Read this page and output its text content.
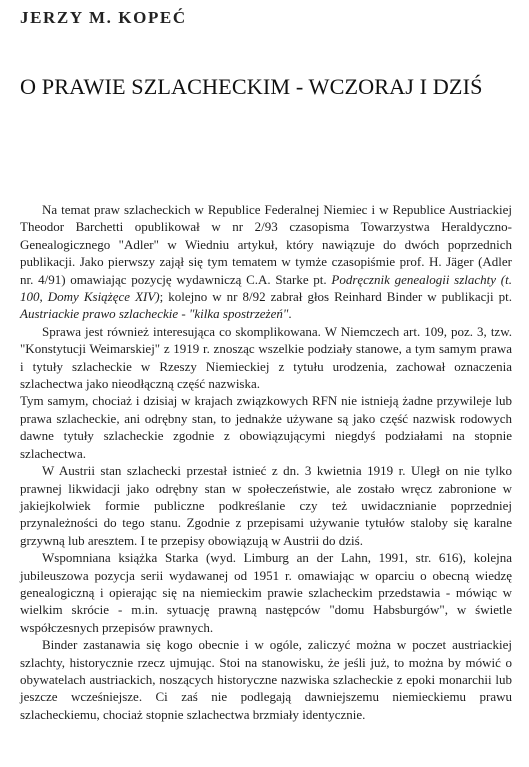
JERZY M. KOPEĆ
O PRAWIE SZLACHECKIM - WCZORAJ I DZIŚ

Na temat praw szlacheckich w Republice Federalnej Niemiec i w Republice Austriackiej Theodor Barchetti opublikował w nr 2/93 czasopisma Towarzystwa Heraldyczno-Genealogicznego "Adler" w Wiedniu artykuł, który nawiązuje do dwóch poprzednich publikacji. Jako pierwszy zajął się tym tematem w tymże czasopiśmie prof. H. Jäger (Adler nr. 4/91) omawiając pozycję wydawniczą C.A. Starke pt. Podręcznik genealogii szlachty (t. 100, Domy Książęce XIV); kolejno w nr 8/92 zabrał głos Reinhard Binder w publikacji pt. Austriackie prawo szlacheckie - "kilka spostrzeżeń".

Sprawa jest również interesująca co skomplikowana. W Niemczech art. 109, poz. 3, tzw. "Konstytucji Weimarskiej" z 1919 r. znosząc wszelkie podziały stanowe, a tym samym prawa i tytuły szlacheckie w Rzeszy Niemieckiej z tytułu urodzenia, zachował oznaczenia szlachectwa jako nieodłączną część nazwiska.

Tym samym, chociaż i dzisiaj w krajach związkowych RFN nie istnieją żadne przywileje lub prawa szlacheckie, ani odrębny stan, to jednakże używane są jako część nazwisk rodowych dawne tytuły szlacheckie zgodnie z obowiązującymi niegdyś podziałami na stopnie szlachectwa.

W Austrii stan szlachecki przestał istnieć z dn. 3 kwietnia 1919 r. Uległ on nie tylko prawnej likwidacji jako odrębny stan w społeczeństwie, ale zostało wręcz zabronione w jakiejkolwiek formie publiczne podkreślanie czy też uwidacznianie poprzedniej przynależności do tego stanu. Zgodnie z przepisami używanie tytułów staloby się karalne grzywną lub aresztem. I te przepisy obowiązują w Austrii do dziś.

Wspomniana książka Starka (wyd. Limburg an der Lahn, 1991, str. 616), kolejna jubileuszowa pozycja serii wydawanej od 1951 r. omawiając w oparciu o obecną wiedzę genealogiczną i opierając się na niemieckim prawie szlacheckim przedstawia - mówiąc w wielkim skrócie - m.in. sytuację prawną następców "domu Habsburgów", w świetle współczesnych przepisów prawnych.

Binder zastanawia się kogo obecnie i w ogóle, zaliczyć można w poczet austriackiej szlachty, historycznie rzecz ujmując. Stoi na stanowisku, że jeśli już, to można by mówić o obywatelach austriackich, noszących historyczne nazwiska szlacheckie z epoki monarchii lub jeszcze wcześniejsze. Ci zaś nie podlegają dawniejszemu niemieckiemu prawu szlacheckiemu, chociaż stopnie szlachectwa brzmiały identycznie.
